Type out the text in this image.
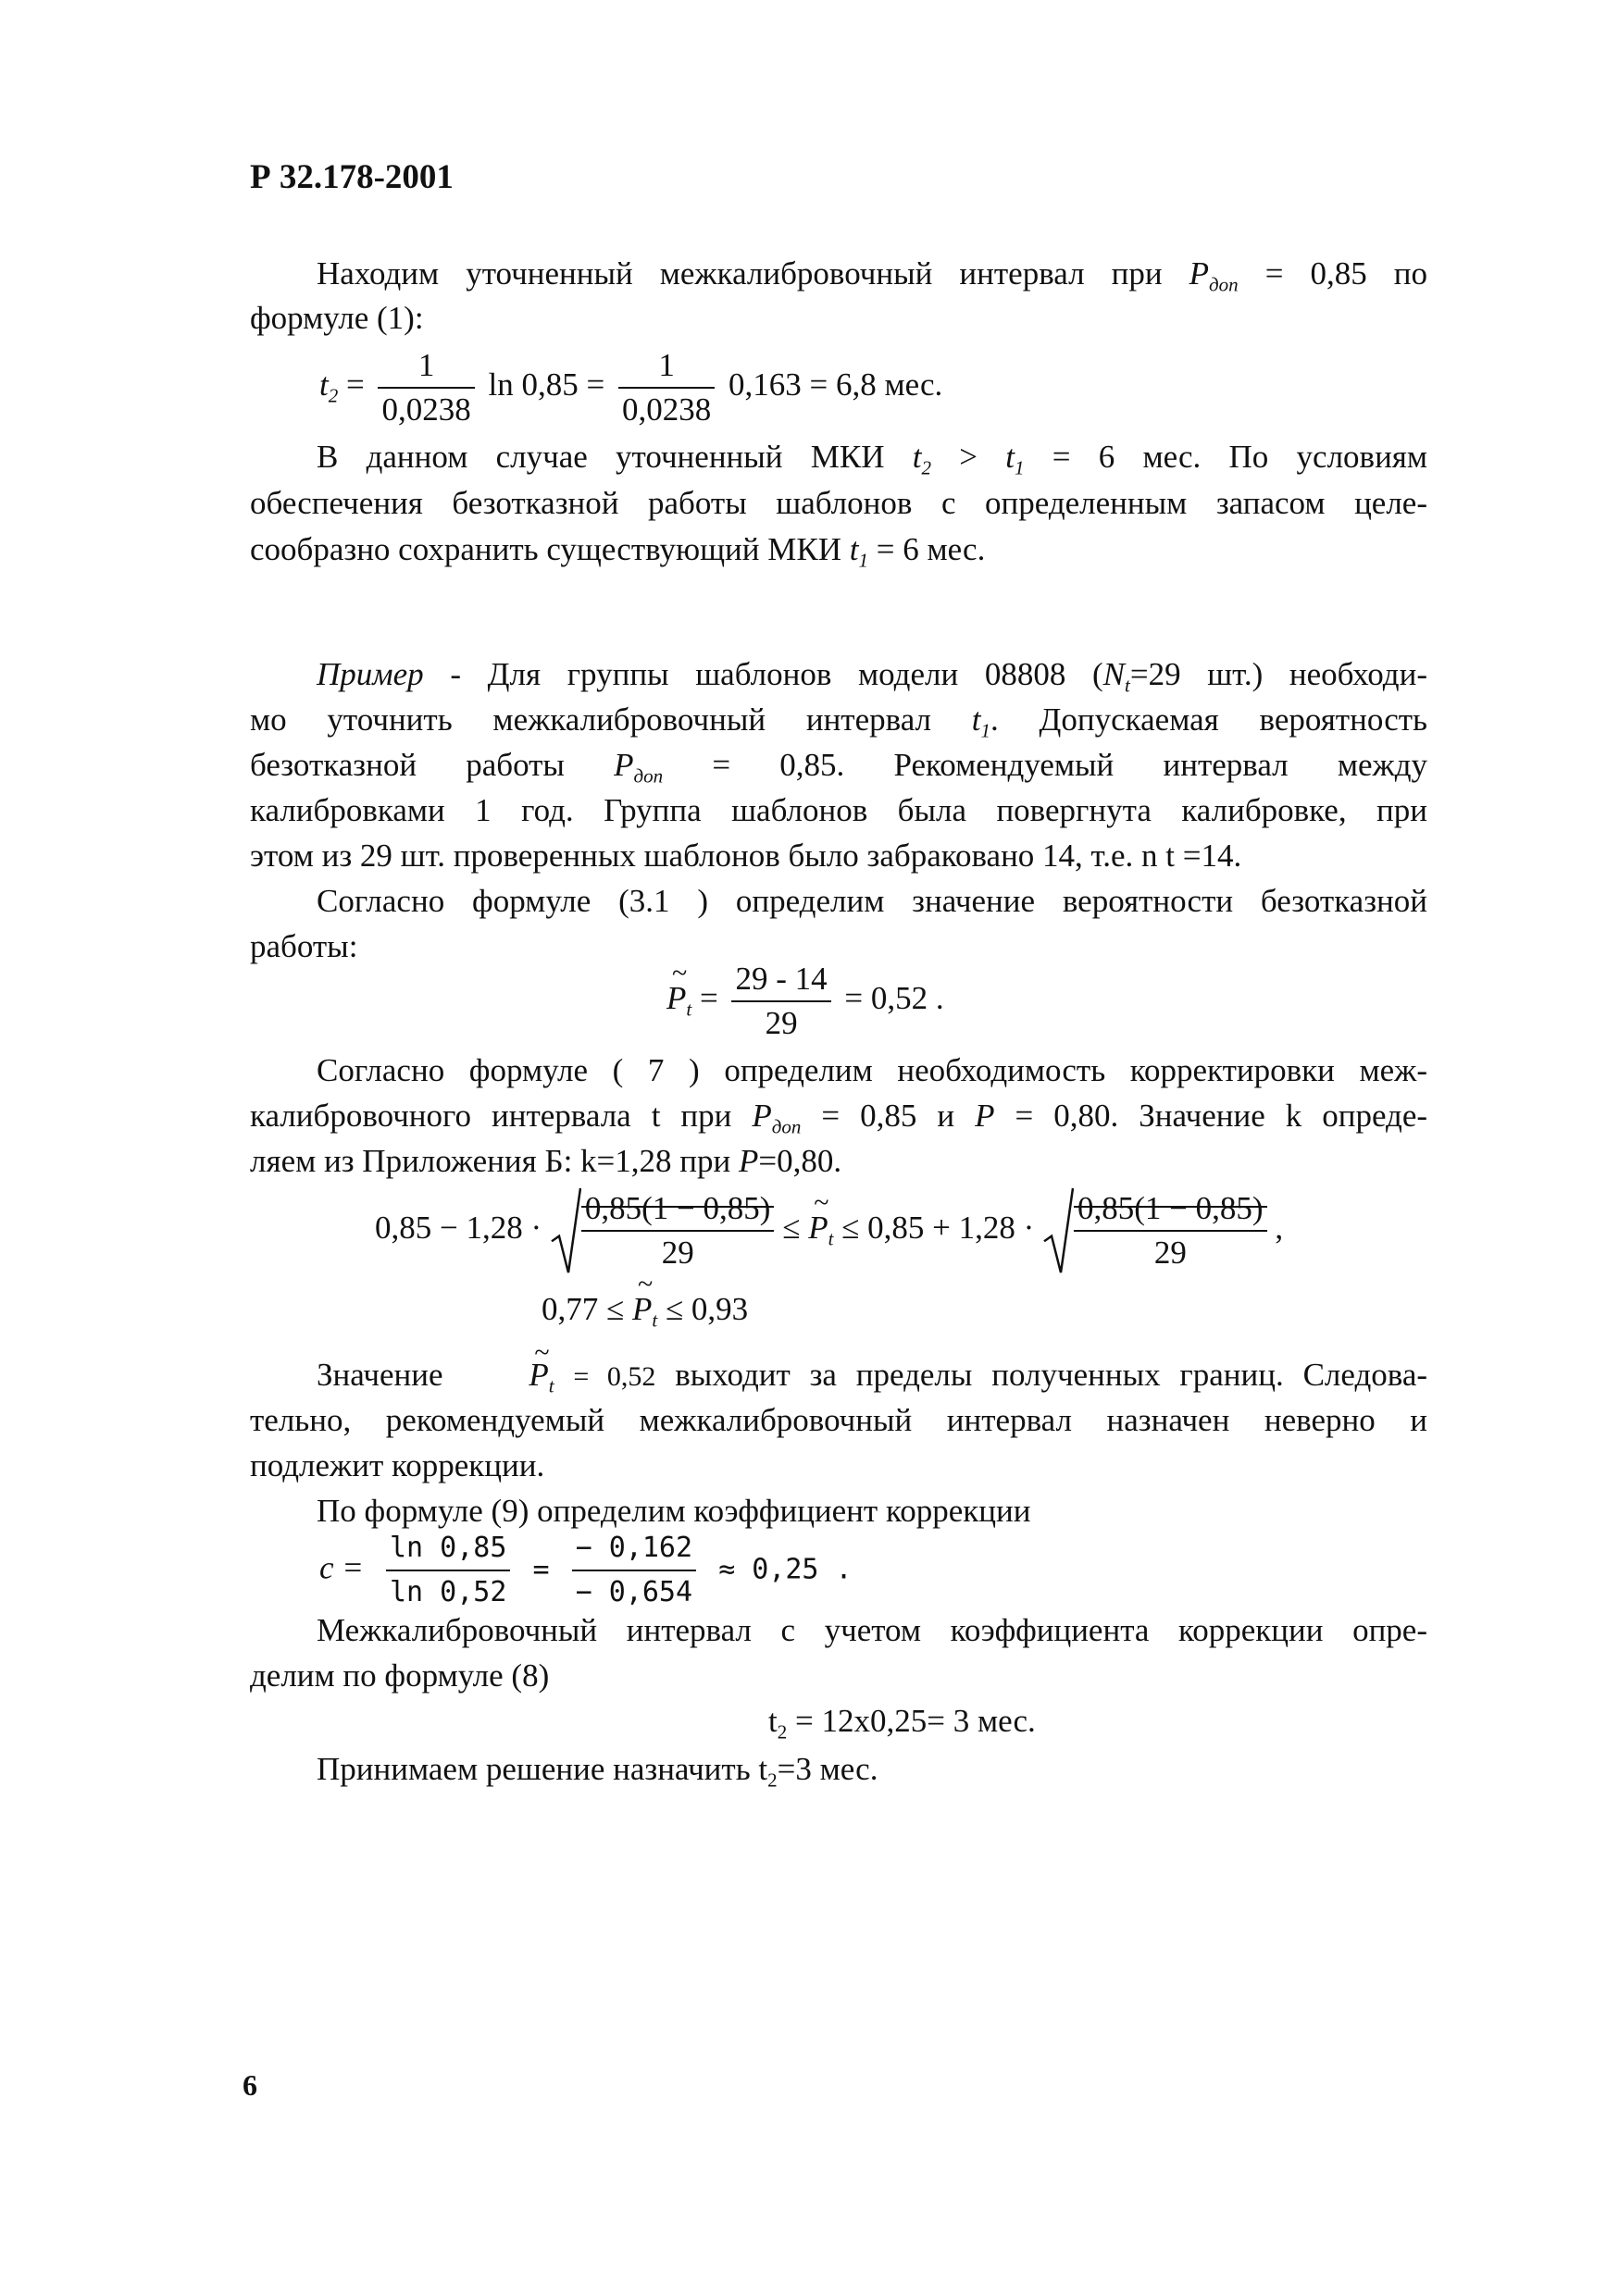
Р 32.178-2001
Находим уточненный межкалибровочный интервал при $P_{доп} = 0,85$ по
формуле (1):
$t_2 = \frac{1}{0,0238}$ $\ln 0,85 = \frac{1}{0,0238} 0,163 = 6,8$ мес.
В данном случае уточненный МКИ $t_2 > t_1 = 6$ мес. По условиям
обеспечения безотказной работы шаблонов с определенным запасом целе-
сообразно сохранить существующий МКИ $t_1 = 6$ мес.
Пример - Для группы шаблонов модели 08808 ($N_t=29$ шт.) необходи-
мо уточнить межкалибровочный интервал $t_1$. Допускаемая вероятность
безотказной работы $P_{доп} = 0,85$. Рекомендуемый интервал между
калибровками 1 год. Группа шаблонов была повергнута калибровке, при
этом из 29 шт. проверенных шаблонов было забраковано 14, т.е. n t =14.
Согласно формуле (3.1 ) определим значение вероятности безотказной
работы:
~ $P_t = \frac{29 - 14}{29} = 0,52$ .
Согласно формуле ( 7 ) определим необходимость корректировки меж-
калибровочного интервала t при $P_{доп} = 0,85$ и P = 0,80. Значение k опреде-
ляем из Приложения Б: k=1,28 при P=0,80.
$0,85 - 1,28 \cdot \frac{0,85(1 - 0,85)}{29}$ ≤ ~ $P_t \le 0,85 + 1,28 \cdot \frac{0,85(1 - 0,85)}{29}$ ,
0,77 ≤ ~ $P_t \le 0,93$
Значение	~ $P_t = 0,52$ выходит за пределы полученных границ. Следова-
тельно, рекомендуемый межкалибровочный интервал назначен неверно и
подлежит коррекции.
По формуле (9) определим коэффициент коррекции
$c = \frac{\ln 0,85}{\ln 0,52} = \frac{- 0,162}{- 0,654} \approx 0,25$ .
Межкалибровочный интервал с учетом коэффициента коррекции опре-
делим по формуле (8)
$t_2 = 12x0,25= 3$ мес.
Принимаем решение назначить $t_2=3$ мес.
6
